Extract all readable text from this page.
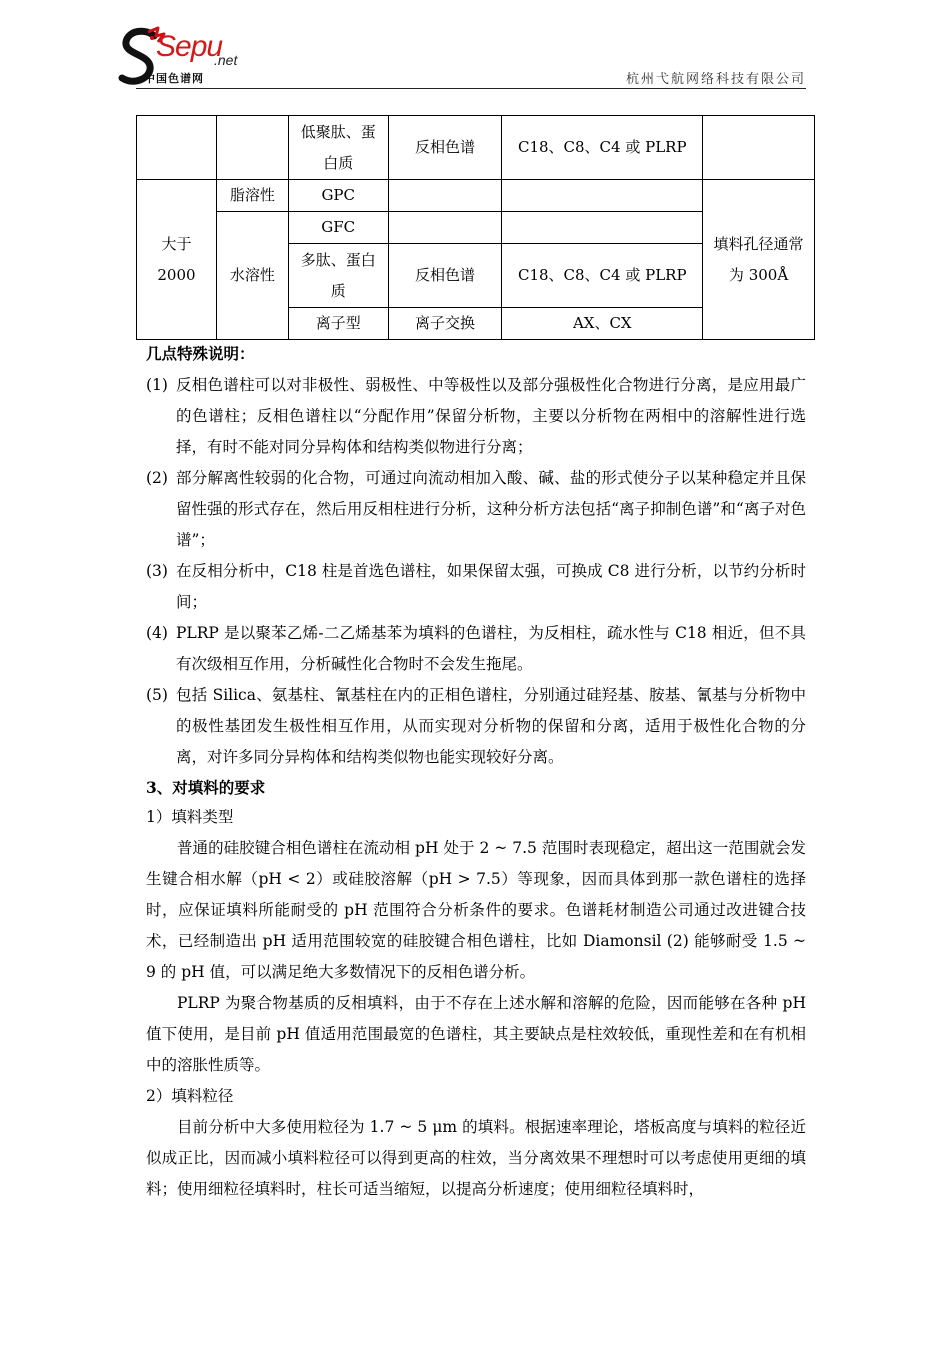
Sepu
.net
中国色谱网	杭州弋航网络科技有限公司
		低聚肽、蛋白质	反相色谱	C18、C8、C4 或 PLRP	
大于 2000	脂溶性	GPC			填料孔径通常为 300Å
	水溶性	GFC			
		多肽、蛋白质	反相色谱	C18、C8、C4 或 PLRP	
		离子型	离子交换	AX、CX	
几点特殊说明：
(1) 反相色谱柱可以对非极性、弱极性、中等极性以及部分强极性化合物进行分离，是应用最广的色谱柱；反相色谱柱以“分配作用”保留分析物，主要以分析物在两相中的溶解性进行选择，有时不能对同分异构体和结构类似物进行分离；
(2) 部分解离性较弱的化合物，可通过向流动相加入酸、碱、盐的形式使分子以某种稳定并且保留性强的形式存在，然后用反相柱进行分析，这种分析方法包括“离子抑制色谱”和“离子对色谱”；
(3) 在反相分析中，C18 柱是首选色谱柱，如果保留太强，可换成 C8 进行分析，以节约分析时间；
(4) PLRP 是以聚苯乙烯-二乙烯基苯为填料的色谱柱，为反相柱，疏水性与 C18 相近，但不具有次级相互作用，分析碱性化合物时不会发生拖尾。
(5) 包括 Silica、氨基柱、氰基柱在内的正相色谱柱，分别通过硅羟基、胺基、氰基与分析物中的极性基团发生极性相互作用，从而实现对分析物的保留和分离，适用于极性化合物的分离，对许多同分异构体和结构类似物也能实现较好分离。
3、对填料的要求
1）填料类型

普通的硅胶键合相色谱柱在流动相 pH 处于 2 ~ 7.5 范围时表现稳定，超出这一范围就会发生键合相水解（pH < 2）或硅胶溶解（pH > 7.5）等现象，因而具体到那一款色谱柱的选择时，应保证填料所能耐受的 pH 范围符合分析条件的要求。色谱耗材制造公司通过改进键合技术，已经制造出 pH 适用范围较宽的硅胶键合相色谱柱，比如 Diamonsil (2) 能够耐受 1.5 ~ 9 的 pH 值，可以满足绝大多数情况下的反相色谱分析。

PLRP 为聚合物基质的反相填料，由于不存在上述水解和溶解的危险，因而能够在各种 pH 值下使用，是目前 pH 值适用范围最宽的色谱柱，其主要缺点是柱效较低，重现性差和在有机相中的溶胀性质等。

2）填料粒径

目前分析中大多使用粒径为 1.7 ~ 5 μm 的填料。根据速率理论，塔板高度与填料的粒径近似成正比，因而减小填料粒径可以得到更高的柱效，当分离效果不理想时可以考虑使用更细的填料；使用细粒径填料时，柱长可适当缩短，以提高分析速度；使用细粒径填料时，
